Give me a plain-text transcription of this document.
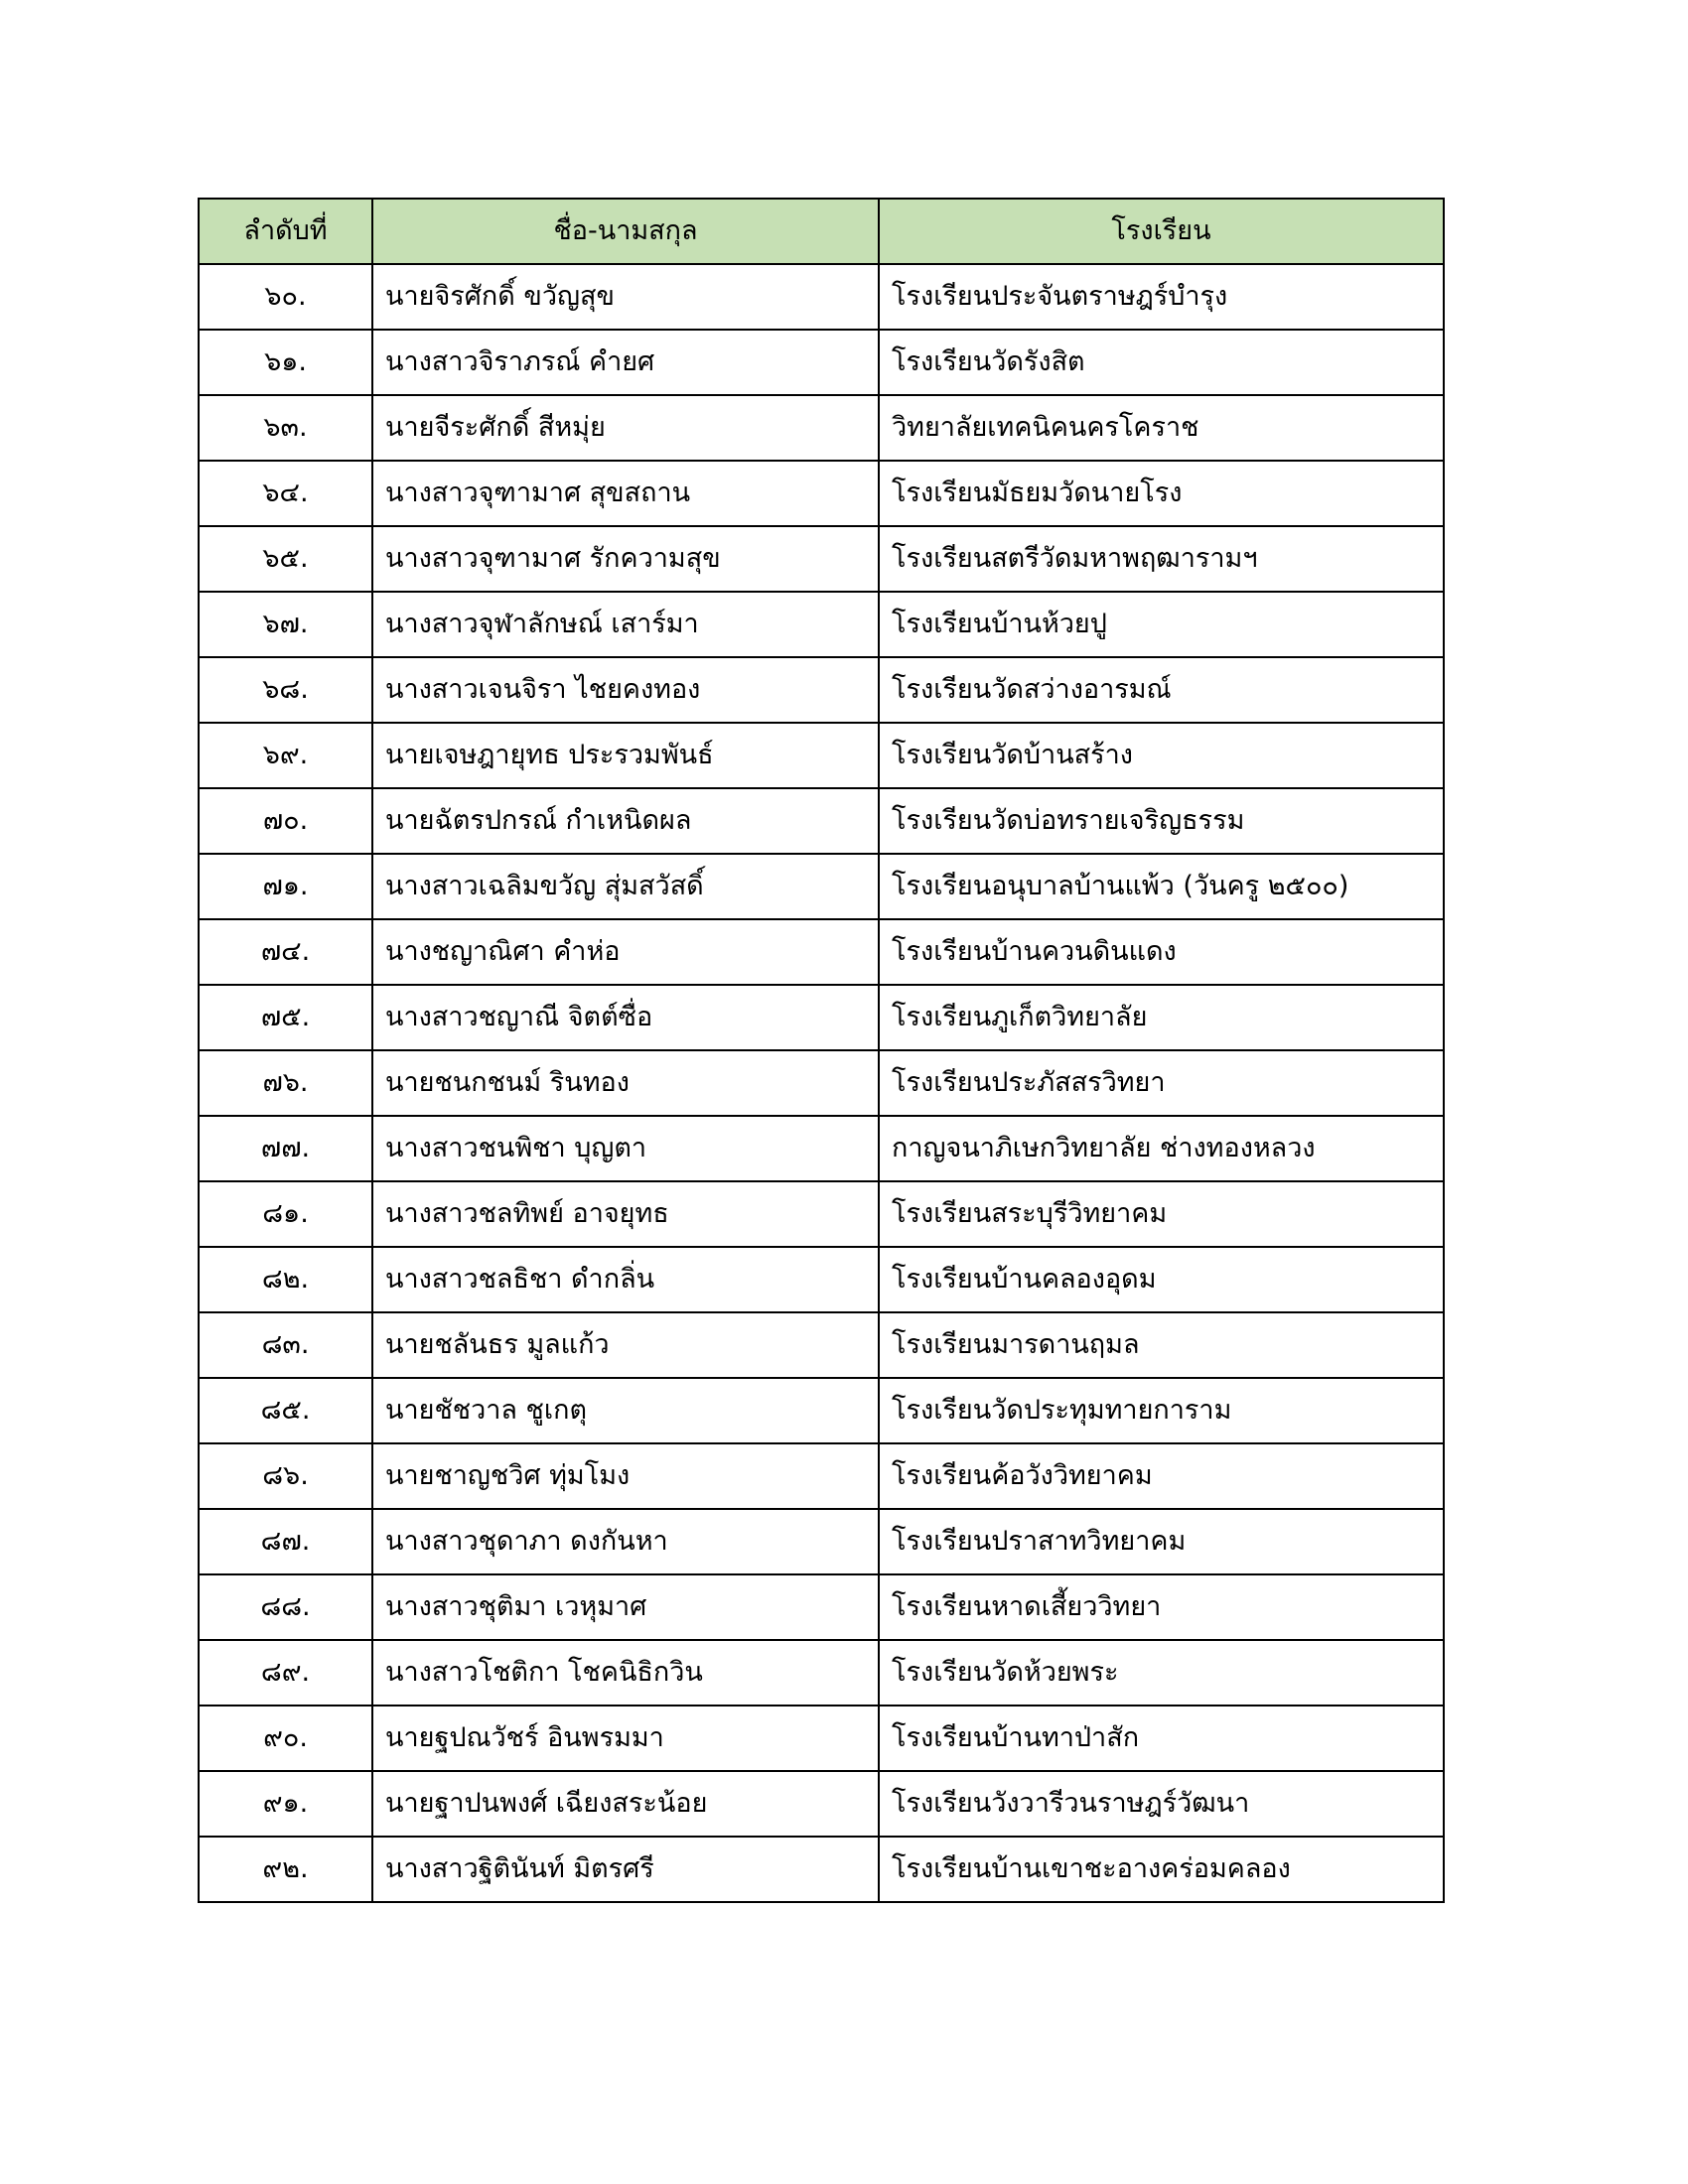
ลำดับที่	ชื่อ-นามสกุล	โรงเรียน
๖๐.	นายจิรศักดิ์ ขวัญสุข	โรงเรียนประจันตราษฎร์บำรุง
๖๑.	นางสาวจิราภรณ์ คำยศ	โรงเรียนวัดรังสิต
๖๓.	นายจีระศักดิ์ สีหมุ่ย	วิทยาลัยเทคนิคนครโคราช
๖๔.	นางสาวจุฑามาศ สุขสถาน	โรงเรียนมัธยมวัดนายโรง
๖๕.	นางสาวจุฑามาศ รักความสุข	โรงเรียนสตรีวัดมหาพฤฒารามฯ
๖๗.	นางสาวจุฬาลักษณ์ เสาร์มา	โรงเรียนบ้านห้วยปู
๖๘.	นางสาวเจนจิรา ไชยคงทอง	โรงเรียนวัดสว่างอารมณ์
๖๙.	นายเจษฎายุทธ ประรวมพันธ์	โรงเรียนวัดบ้านสร้าง
๗๐.	นายฉัตรปกรณ์ กำเหนิดผล	โรงเรียนวัดบ่อทรายเจริญธรรม
๗๑.	นางสาวเฉลิมขวัญ สุ่มสวัสดิ์	โรงเรียนอนุบาลบ้านแพ้ว (วันครู ๒๕๐๐)
๗๔.	นางชญาณิศา คำห่อ	โรงเรียนบ้านควนดินแดง
๗๕.	นางสาวชญาณี จิตต์ซื่อ	โรงเรียนภูเก็ตวิทยาลัย
๗๖.	นายชนกชนม์ รินทอง	โรงเรียนประภัสสรวิทยา
๗๗.	นางสาวชนพิชา บุญตา	กาญจนาภิเษกวิทยาลัย ช่างทองหลวง
๘๑.	นางสาวชลทิพย์ อาจยุทธ	โรงเรียนสระบุรีวิทยาคม
๘๒.	นางสาวชลธิชา ดำกลิ่น	โรงเรียนบ้านคลองอุดม
๘๓.	นายชลันธร มูลแก้ว	โรงเรียนมารดานฤมล
๘๕.	นายชัชวาล ชูเกตุ	โรงเรียนวัดประทุมทายการาม
๘๖.	นายชาญชวิศ ทุ่มโมง	โรงเรียนค้อวังวิทยาคม
๘๗.	นางสาวชุดาภา ดงกันหา	โรงเรียนปราสาทวิทยาคม
๘๘.	นางสาวชุติมา เวหุมาศ	โรงเรียนหาดเสี้ยววิทยา
๘๙.	นางสาวโชติกา โชคนิธิกวิน	โรงเรียนวัดห้วยพระ
๙๐.	นายฐปณวัชร์ อินพรมมา	โรงเรียนบ้านทาป่าสัก
๙๑.	นายฐาปนพงศ์ เฉียงสระน้อย	โรงเรียนวังวารีวนราษฎร์วัฒนา
๙๒.	นางสาวฐิตินันท์ มิตรศรี	โรงเรียนบ้านเขาชะอางคร่อมคลอง
